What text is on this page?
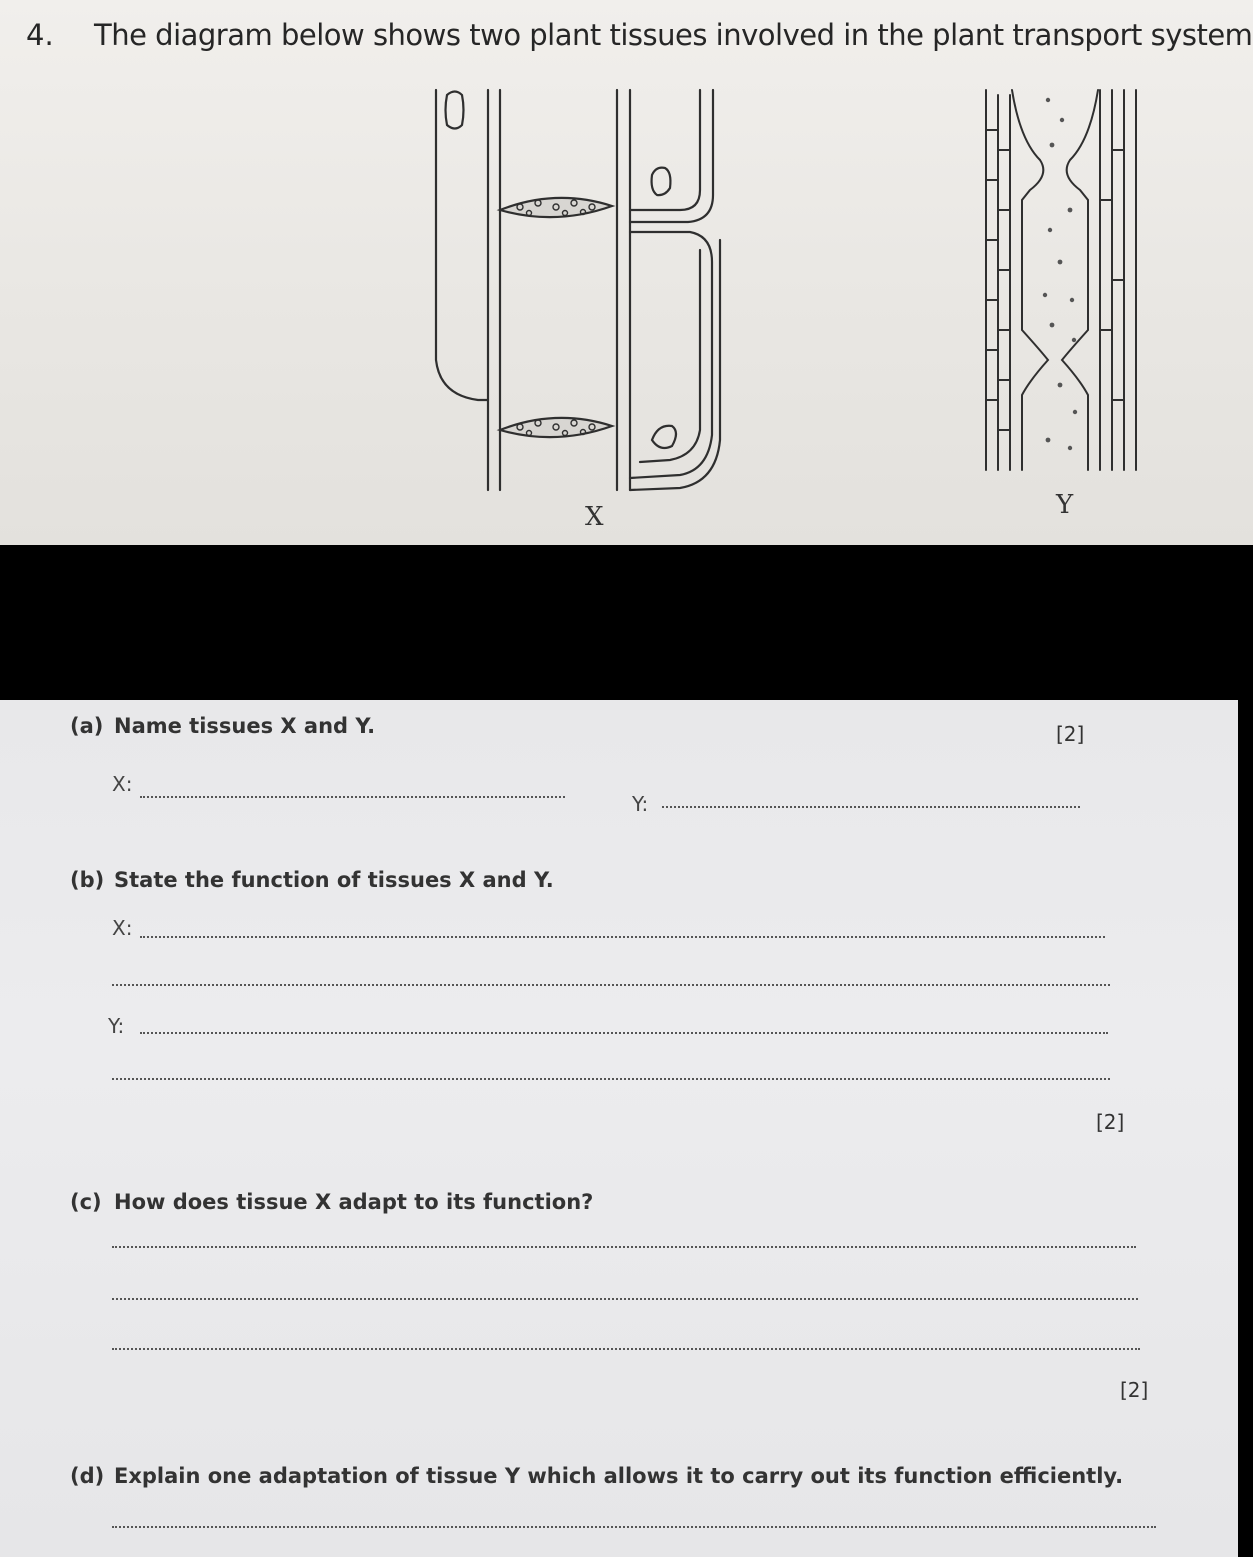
4. The diagram below shows two plant tissues involved in the plant transport system
X	Y
(a) Name tissues X and Y.	[2]
X:
Y:
(b) State the function of tissues X and Y.
X:
Y:
[2]
(c) How does tissue X adapt to its function?
[2]
(d) Explain one adaptation of tissue Y which allows it to carry out its function efficiently.
